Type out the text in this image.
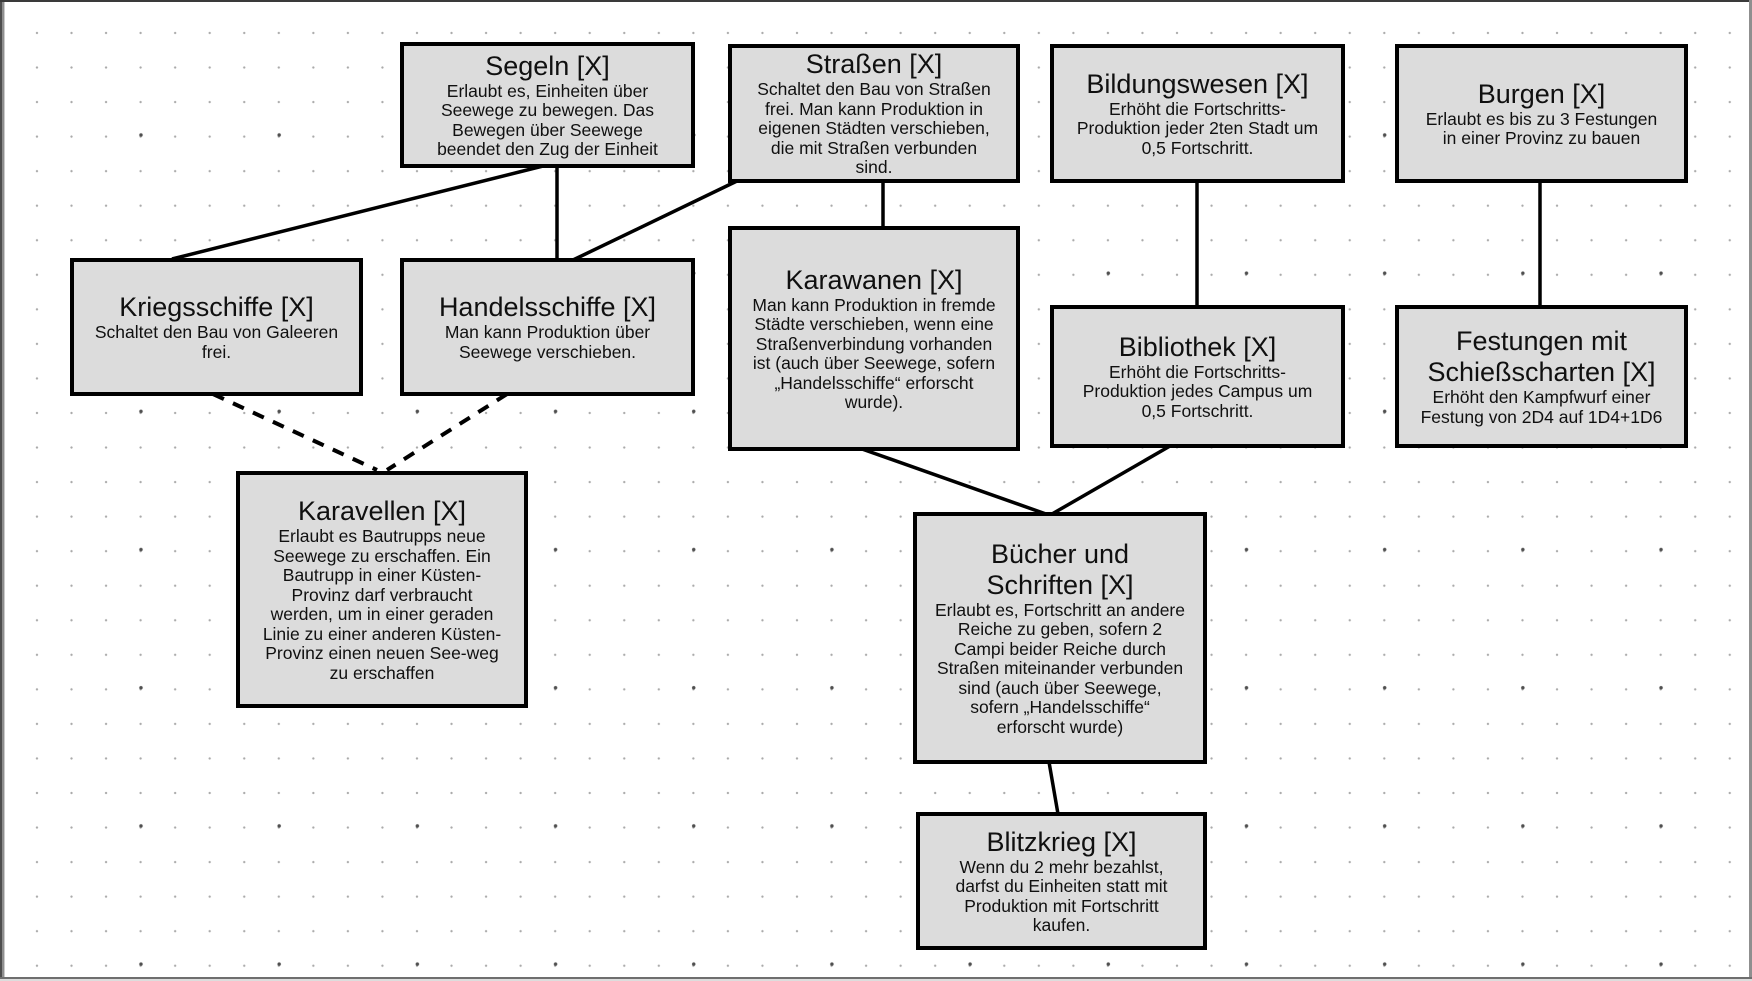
Segeln [X]
Erlaubt es, Einheiten über Seewege zu bewegen. Das Bewegen über Seewege beendet den Zug der Einheit
Straßen [X]
Schaltet den Bau von Straßen frei. Man kann Produktion in eigenen Städten verschieben, die mit Straßen verbunden sind.
Bildungswesen [X]
Erhöht die Fortschritts-Produktion jeder 2ten Stadt um 0,5 Fortschritt.
Burgen [X]
Erlaubt es bis zu 3 Festungen in einer Provinz zu bauen
Kriegsschiffe [X]
Schaltet den Bau von Galeeren frei.
Handelsschiffe [X]
Man kann Produktion über Seewege verschieben.
Karawanen [X]
Man kann Produktion in fremde Städte verschieben, wenn eine Straßenverbindung vorhanden ist (auch über Seewege, sofern „Handelsschiffe“ erforscht wurde).
Bibliothek [X]
Erhöht die Fortschritts-Produktion jedes Campus um 0,5 Fortschritt.
Festungen mit Schießscharten [X]
Erhöht den Kampfwurf einer Festung von 2D4 auf 1D4+1D6
Karavellen [X]
Erlaubt es Bautrupps neue Seewege zu erschaffen. Ein Bautrupp in einer Küsten-Provinz darf verbraucht werden, um in einer geraden Linie zu einer anderen Küsten-Provinz einen neuen See-weg zu erschaffen
Bücher und Schriften [X]
Erlaubt es, Fortschritt an andere Reiche zu geben, sofern 2 Campi beider Reiche durch Straßen miteinander verbunden sind (auch über Seewege, sofern „Handelsschiffe“ erforscht wurde)
Blitzkrieg [X]
Wenn du 2 mehr bezahlst, darfst du Einheiten statt mit Produktion mit Fortschritt kaufen.
